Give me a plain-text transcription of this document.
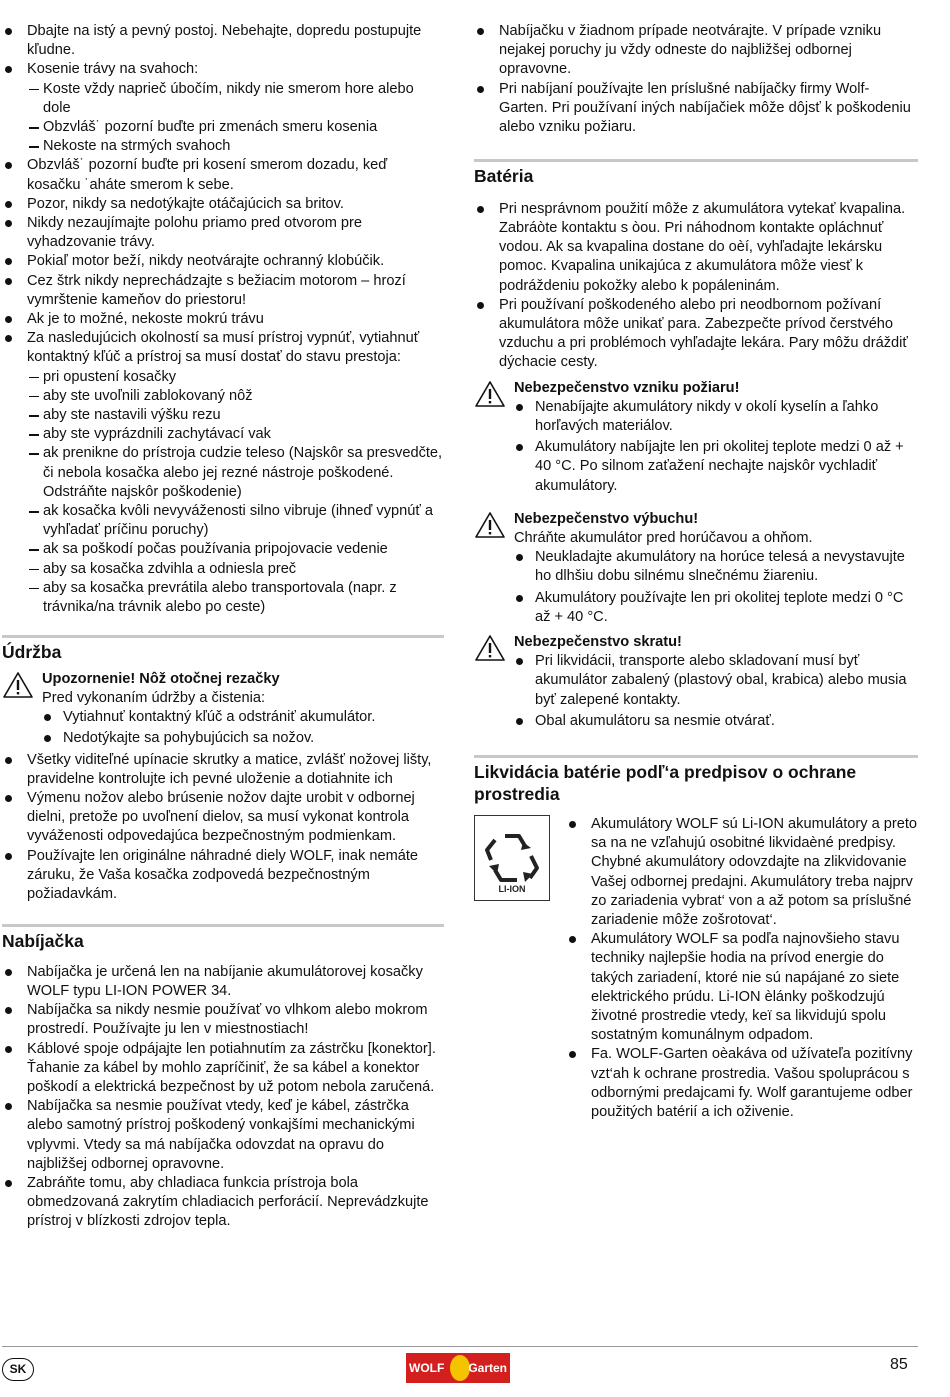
Dbajte na istý a pevný postoj. Nebehajte, dopredu postupujte kľudne.
Kosenie trávy na svahoch:
Koste vždy naprieč úbočím, nikdy nie smerom hore alebo dole
Obzvláš˙ pozorní buďte pri zmenách smeru kosenia
Nekoste na strmých svahoch
Obzvláš˙ pozorní buďte pri kosení smerom dozadu, keď kosačku ˙aháte smerom k sebe.
Pozor, nikdy sa nedotýkajte otáčajúcich sa britov.
Nikdy nezaujímajte polohu priamo pred otvorom pre vyhadzovanie trávy.
Pokiaľ motor beží, nikdy neotvárajte ochranný klobúčik.
Cez štrk nikdy neprechádzajte s bežiacim motorom – hrozí vymrštenie kameňov do priestoru!
Ak je to možné, nekoste mokrú trávu
Za nasledujúcich okolností sa musí prístroj vypnúť, vytiahnuť kontaktný kľúč a prístroj sa musí dostať do stavu prestoja:
pri opustení kosačky
aby ste uvoľnili zablokovaný nôž
aby ste nastavili výšku rezu
aby ste vyprázdnili zachytávací vak
ak prenikne do prístroja cudzie teleso (Najskôr sa presvedčte, či nebola kosačka alebo jej rezné nástroje poškodené. Odstráňte najskôr poškodenie)
ak kosačka kvôli nevyváženosti silno vibruje (ihneď vypnúť a vyhľadať príčinu poruchy)
ak sa poškodí počas používania pripojovacie vedenie
aby sa kosačka zdvihla a odniesla preč
aby sa kosačka prevrátila alebo transportovala (napr. z trávnika/na trávnik alebo po ceste)
Údržba
Upozornenie! Nôž otočnej rezačky
Pred vykonaním údržby a čistenia:
Vytiahnuť kontaktný kľúč a odstrániť akumulátor.
Nedotýkajte sa pohybujúcich sa nožov.
Všetky viditeľné upínacie skrutky a matice, zvlášť nožovej lišty, pravidelne kontrolujte ich pevné uloženie a dotiahnite ich
Výmenu nožov alebo brúsenie nožov dajte urobit v odbornej dielni, pretože po uvoľnení dielov, sa musí vykonat kontrola vyváženosti odpovedajúca bezpečnostným podmienkam.
Používajte len originálne náhradné diely WOLF, inak nemáte záruku, že Vaša kosačka zodpovedá bezpečnostným požiadavkám.
Nabíjačka
Nabíjačka je určená len na nabíjanie akumulátorovej kosačky WOLF typu LI-ION POWER 34.
Nabíjačka sa nikdy nesmie používať vo vlhkom alebo mokrom prostredí. Používajte ju len v miestnostiach!
Káblové spoje odpájajte len potiahnutím za zástrčku [konektor]. Ťahanie za kábel by mohlo zapríčiniť, že sa kábel a konektor poškodí a elektrická bezpečnost by už potom nebola zaručená.
Nabíjačka sa nesmie používat vtedy, keď je kábel, zástrčka alebo samotný prístroj poškodený vonkajšími mechanickými vplyvmi. Vtedy sa má nabíjačka odovzdat na opravu do najbližšej odbornej opravovne.
Zabráňte tomu, aby chladiaca funkcia prístroja bola obmedzovaná zakrytím chladiacich perforácií. Neprevádzkujte prístroj v blízkosti zdrojov tepla.
Nabíjačku v žiadnom prípade neotvárajte. V prípade vzniku nejakej poruchy ju vždy odneste do najbližšej odbornej opravovne.
Pri nabíjaní používajte len príslušné nabíjačky firmy Wolf-Garten. Pri používaní iných nabíjačiek môže dôjsť k poškodeniu alebo vzniku požiaru.
Batéria
Pri nesprávnom použití môže z akumulátora vytekať kvapalina. Zabráòte kontaktu s òou. Pri náhodnom kontakte opláchnuť vodou. Ak sa kvapalina dostane do oèí, vyhľadajte lekársku pomoc. Kvapalina unikajúca z akumulátora môže viesť k podráždeniu pokožky alebo k popáleninám.
Pri používaní poškodeného alebo pri neodbornom požívaní akumulátora môže unikať para. Zabezpečte prívod čerstvého vzduchu a pri problémoch vyhľadajte lekára. Pary môžu dráždiť dýchacie cesty.
Nebezpečenstvo vzniku požiaru!
Nenabíjajte akumulátory nikdy v okolí kyselín a ľahko horľavých materiálov.
Akumulátory nabíjajte len pri okolitej teplote medzi 0 až + 40 °C. Po silnom zaťažení nechajte najskôr vychladiť akumulátory.
Nebezpečenstvo výbuchu!
Chráňte akumulátor pred horúčavou a ohňom.
Neukladajte akumulátory na horúce telesá a nevystavujte ho dlhšiu dobu silnému slnečnému žiareniu.
Akumulátory používajte len pri okolitej teplote medzi 0 °C až + 40 °C.
Nebezpečenstvo skratu!
Pri likvidácii, transporte alebo skladovaní musí byť akumulátor zabalený (plastový obal, krabica) alebo musia byť zalepené kontakty.
Obal akumulátoru sa nesmie otvárať.
Likvidácia batérie podľ‘a predpisov o ochrane prostredia
LI-ION
Akumulátory WOLF sú Li-ION akumulátory a preto sa na ne vzľahujú osobitné likvidaèné predpisy. Chybné akumulátory odovzdajte na zlikvidovanie Vašej odbornej predajni. Akumulátory treba najprv zo zariadenia vybrat‘ von a až potom sa príslušné zariadenie môže zošrotovat‘.
Akumulátory WOLF sa podľa najnovšieho stavu techniky najlepšie hodia na prívod energie do takých zariadení, ktoré nie sú napájané zo siete elektrického prúdu. Li-ION èlánky poškodzujú životné prostredie vtedy, keï sa likvidujú spolu sostatným komunálnym odpadom.
Fa. WOLF-Garten oèakáva od užívateľa pozitívny vzt‘ah k ochrane prostredia. Vašou spoluprácou s odbornými predajcami fy. Wolf garantujeme odber použitých batérií a ich oživenie.
SK	WOLF Garten	85
